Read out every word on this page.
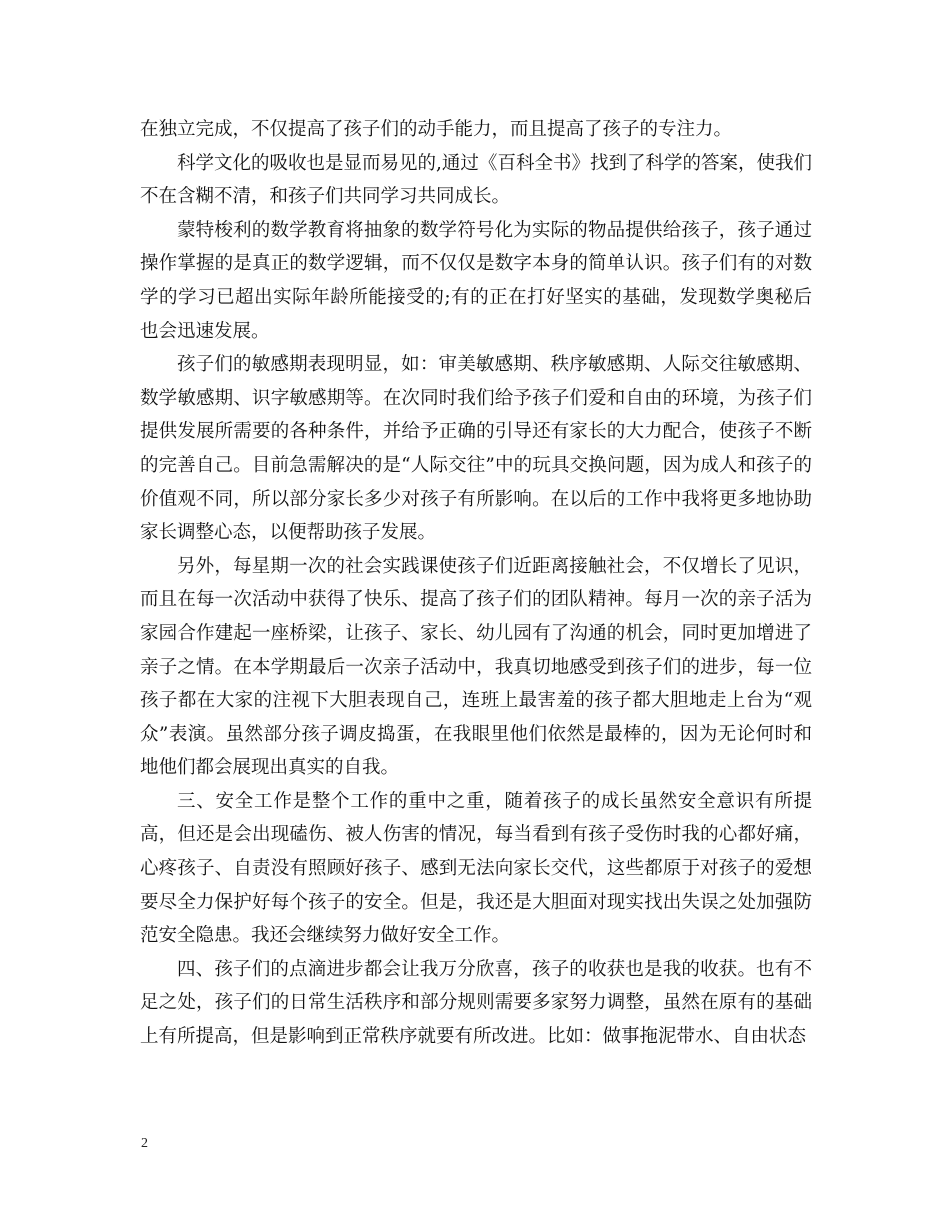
在独立完成，不仅提高了孩子们的动手能力，而且提高了孩子的专注力。

科学文化的吸收也是显而易见的,通过《百科全书》找到了科学的答案，使我们不在含糊不清，和孩子们共同学习共同成长。

蒙特梭利的数学教育将抽象的数学符号化为实际的物品提供给孩子，孩子通过操作掌握的是真正的数学逻辑，而不仅仅是数字本身的简单认识。孩子们有的对数学的学习已超出实际年龄所能接受的;有的正在打好坚实的基础，发现数学奥秘后也会迅速发展。

孩子们的敏感期表现明显，如：审美敏感期、秩序敏感期、人际交往敏感期、数学敏感期、识字敏感期等。在次同时我们给予孩子们爱和自由的环境，为孩子们提供发展所需要的各种条件，并给予正确的引导还有家长的大力配合，使孩子不断的完善自己。目前急需解决的是“人际交往”中的玩具交换问题，因为成人和孩子的价值观不同，所以部分家长多少对孩子有所影响。在以后的工作中我将更多地协助家长调整心态，以便帮助孩子发展。

另外，每星期一次的社会实践课使孩子们近距离接触社会，不仅增长了见识，而且在每一次活动中获得了快乐、提高了孩子们的团队精神。每月一次的亲子活为家园合作建起一座桥梁，让孩子、家长、幼儿园有了沟通的机会，同时更加增进了亲子之情。在本学期最后一次亲子活动中，我真切地感受到孩子们的进步，每一位孩子都在大家的注视下大胆表现自己，连班上最害羞的孩子都大胆地走上台为“观众”表演。虽然部分孩子调皮捣蛋，在我眼里他们依然是最棒的，因为无论何时和地他们都会展现出真实的自我。

三、安全工作是整个工作的重中之重，随着孩子的成长虽然安全意识有所提高，但还是会出现磕伤、被人伤害的情况，每当看到有孩子受伤时我的心都好痛，心疼孩子、自责没有照顾好孩子、感到无法向家长交代，这些都原于对孩子的爱想要尽全力保护好每个孩子的安全。但是，我还是大胆面对现实找出失误之处加强防范安全隐患。我还会继续努力做好安全工作。

四、孩子们的点滴进步都会让我万分欣喜，孩子的收获也是我的收获。也有不足之处，孩子们的日常生活秩序和部分规则需要多家努力调整，虽然在原有的基础上有所提高，但是影响到正常秩序就要有所改进。比如：做事拖泥带水、自由状态

2
